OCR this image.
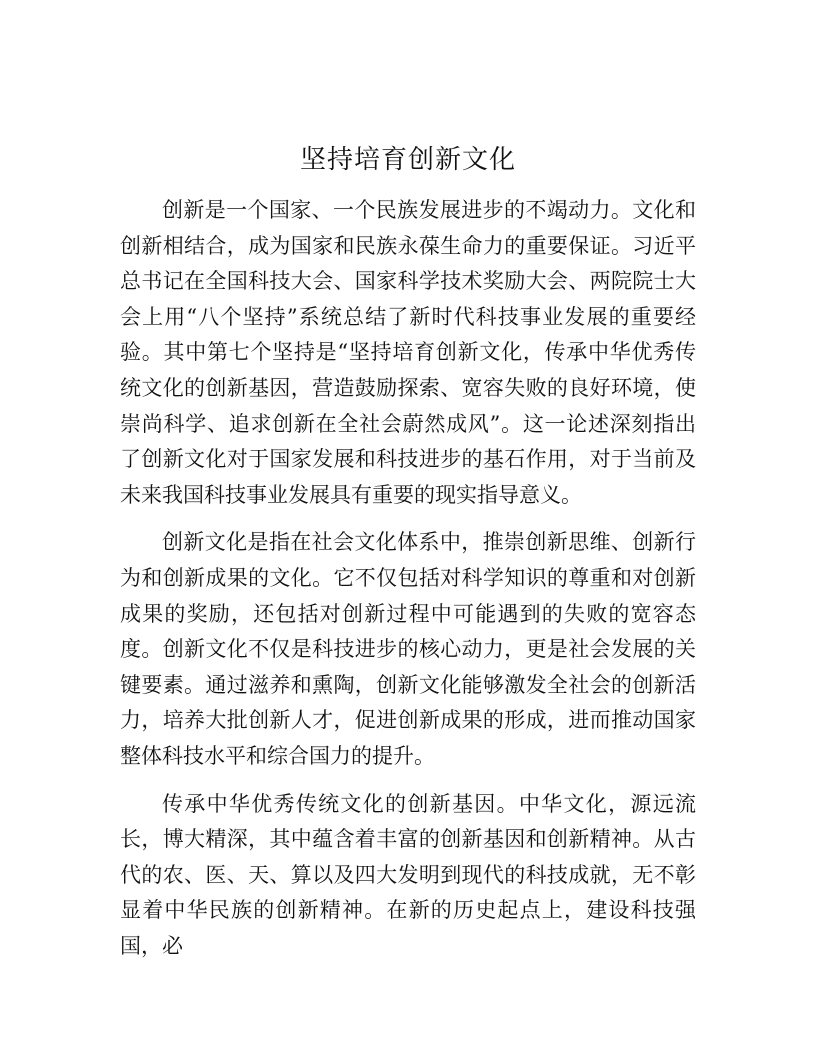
坚持培育创新文化

创新是一个国家、一个民族发展进步的不竭动力。文化和创新相结合，成为国家和民族永葆生命力的重要保证。习近平总书记在全国科技大会、国家科学技术奖励大会、两院院士大会上用“八个坚持”系统总结了新时代科技事业发展的重要经验。其中第七个坚持是“坚持培育创新文化，传承中华优秀传统文化的创新基因，营造鼓励探索、宽容失败的良好环境，使崇尚科学、追求创新在全社会蔚然成风”。这一论述深刻指出了创新文化对于国家发展和科技进步的基石作用，对于当前及未来我国科技事业发展具有重要的现实指导意义。

创新文化是指在社会文化体系中，推崇创新思维、创新行为和创新成果的文化。它不仅包括对科学知识的尊重和对创新成果的奖励，还包括对创新过程中可能遇到的失败的宽容态度。创新文化不仅是科技进步的核心动力，更是社会发展的关键要素。通过滋养和熏陶，创新文化能够激发全社会的创新活力，培养大批创新人才，促进创新成果的形成，进而推动国家整体科技水平和综合国力的提升。

传承中华优秀传统文化的创新基因。中华文化，源远流长，博大精深，其中蕴含着丰富的创新基因和创新精神。从古代的农、医、天、算以及四大发明到现代的科技成就，无不彰显着中华民族的创新精神。在新的历史起点上，建设科技强国，必
